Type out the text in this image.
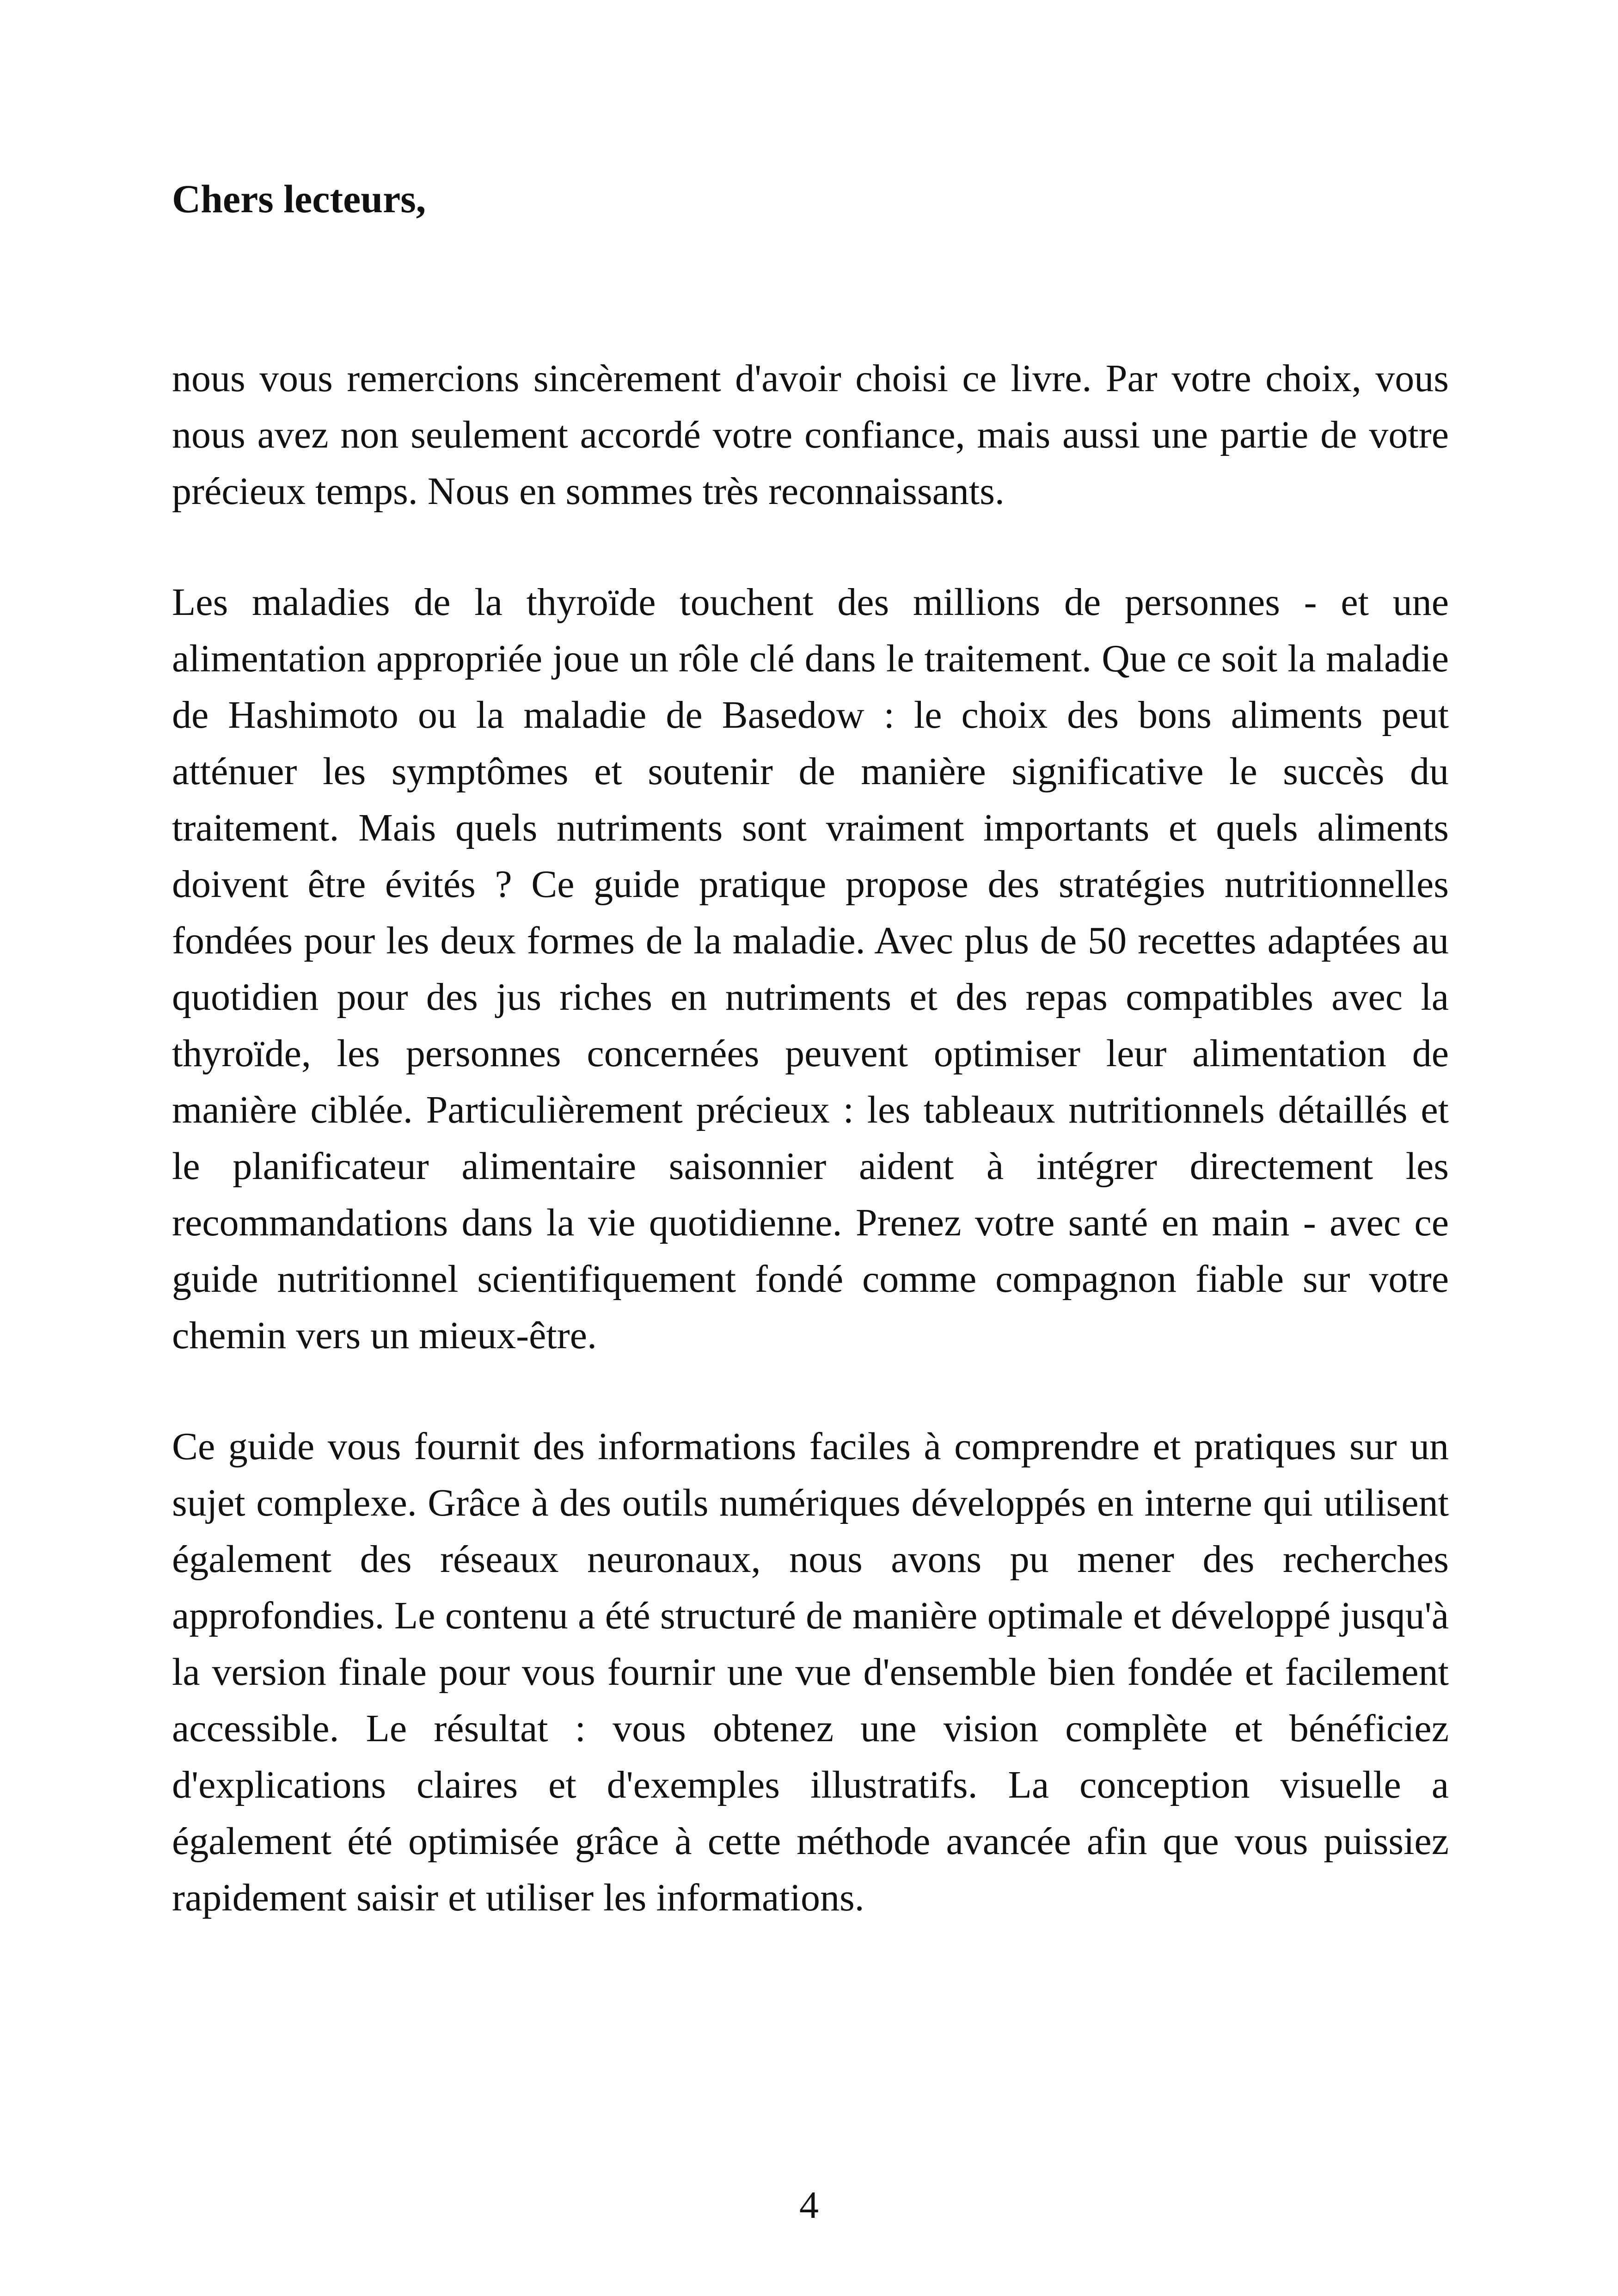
Chers lecteurs,

nous vous remercions sincèrement d'avoir choisi ce livre. Par votre choix, vous nous avez non seulement accordé votre confiance, mais aussi une partie de votre précieux temps. Nous en sommes très reconnaissants.

Les maladies de la thyroïde touchent des millions de personnes - et une alimentation appropriée joue un rôle clé dans le traitement. Que ce soit la maladie de Hashimoto ou la maladie de Basedow : le choix des bons aliments peut atténuer les symptômes et soutenir de manière significative le succès du traitement. Mais quels nutriments sont vraiment importants et quels aliments doivent être évités ? Ce guide pratique propose des stratégies nutritionnelles fondées pour les deux formes de la maladie. Avec plus de 50 recettes adaptées au quotidien pour des jus riches en nutriments et des repas compatibles avec la thyroïde, les personnes concernées peuvent optimiser leur alimentation de manière ciblée. Particulièrement précieux : les tableaux nutritionnels détaillés et le planificateur alimentaire saisonnier aident à intégrer directement les recommandations dans la vie quotidienne. Prenez votre santé en main - avec ce guide nutritionnel scientifiquement fondé comme compagnon fiable sur votre chemin vers un mieux-être.

Ce guide vous fournit des informations faciles à comprendre et pratiques sur un sujet complexe. Grâce à des outils numériques développés en interne qui utilisent également des réseaux neuronaux, nous avons pu mener des recherches approfondies. Le contenu a été structuré de manière optimale et développé jusqu'à la version finale pour vous fournir une vue d'ensemble bien fondée et facilement accessible. Le résultat : vous obtenez une vision complète et bénéficiez d'explications claires et d'exemples illustratifs. La conception visuelle a également été optimisée grâce à cette méthode avancée afin que vous puissiez rapidement saisir et utiliser les informations.

4
